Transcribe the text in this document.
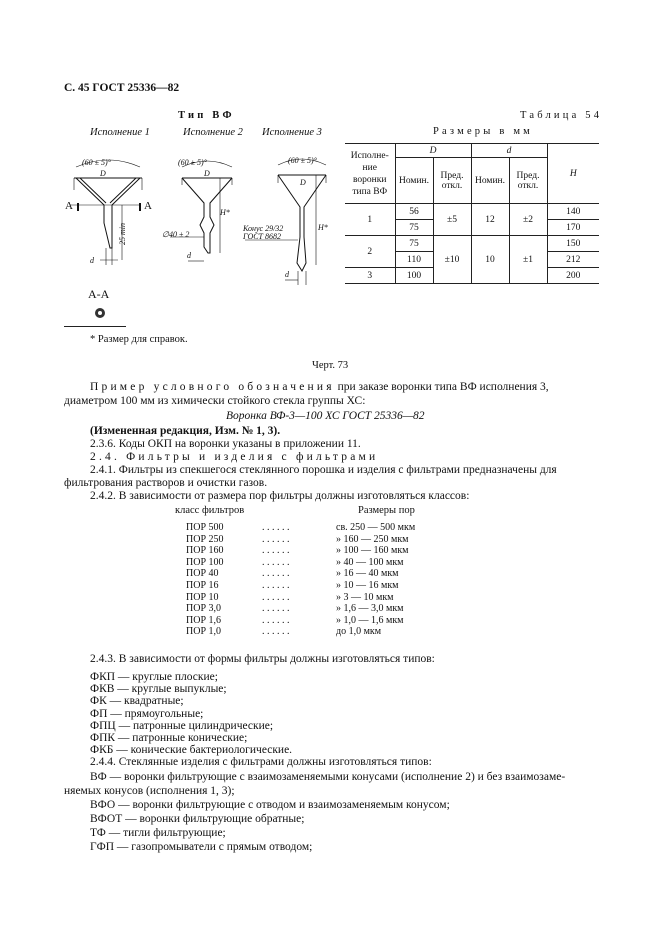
С. 45 ГОСТ 25336—82
Тип ВФ
Исполнение 1	Исполнение 2 Исполнение 3
(60 ± 5)°	(60 ± 5)°	(60 ± 5)°
D	D
D
d
d
d
H*
H*
25 min	∅40 ± 2
Конус 29/32
ГОСТ 8682
А	А
А-А
* Размер для справок.
Черт. 73
Таблица 54
Размеры в мм
Исполне-ние воронки типа ВФ	D		d		H
	Номин.	Пред. откл.	Номин.	Пред. откл.	
1	56	±5	12	±2	140
	75				170
2	75	±10	10	±1	150
	110				212
3	100				200
Пример условного обозначения при заказе воронки типа ВФ исполнения 3,
диаметром 100 мм из химически стойкого стекла группы ХС:
Воронка ВФ-3—100 ХС ГОСТ 25336—82
(Измененная редакция, Изм. № 1, 3).
2.3.6. Коды ОКП на воронки указаны в приложении 11.
2.4. Фильтры и изделия с фильтрами
2.4.1. Фильтры из спекшегося стеклянного порошка и изделия с фильтрами предназначены для
фильтрования растворов и очистки газов.
2.4.2. В зависимости от размера пор фильтры должны изготовляться классов:
класс фильтров	Размеры пор
ПОР 500	. . . . . .	св. 250 — 500 мкм
ПОР 250	. . . . . .	» 160 — 250 мкм
ПОР 160	. . . . . .	» 100 — 160 мкм
ПОР 100	. . . . . .	» 40 — 100 мкм
ПОР 40	. . . . . .	» 16 — 40 мкм
ПОР 16	. . . . . .	» 10 — 16 мкм
ПОР 10	. . . . . .	» 3 — 10 мкм
ПОР 3,0	. . . . . .	» 1,6 — 3,0 мкм
ПОР 1,6	. . . . . .	» 1,0 — 1,6 мкм
ПОР 1,0	. . . . . .	до 1,0 мкм
2.4.3. В зависимости от формы фильтры должны изготовляться типов:
ФКП — круглые плоские;
ФКВ — круглые выпуклые;
ФК — квадратные;
ФП — прямоугольные;
ФПЦ — патронные цилиндрические;
ФПК — патронные конические;
ФКБ — конические бактериологические.
2.4.4. Стеклянные изделия с фильтрами должны изготовляться типов:
ВФ — воронки фильтрующие с взаимозаменяемыми конусами (исполнение 2) и без взаимозаме-
няемых конусов (исполнения 1, 3);
ВФО — воронки фильтрующие с отводом и взаимозаменяемым конусом;
ВФОТ — воронки фильтрующие обратные;
ТФ — тигли фильтрующие;
ГФП — газопромыватели с прямым отводом;
